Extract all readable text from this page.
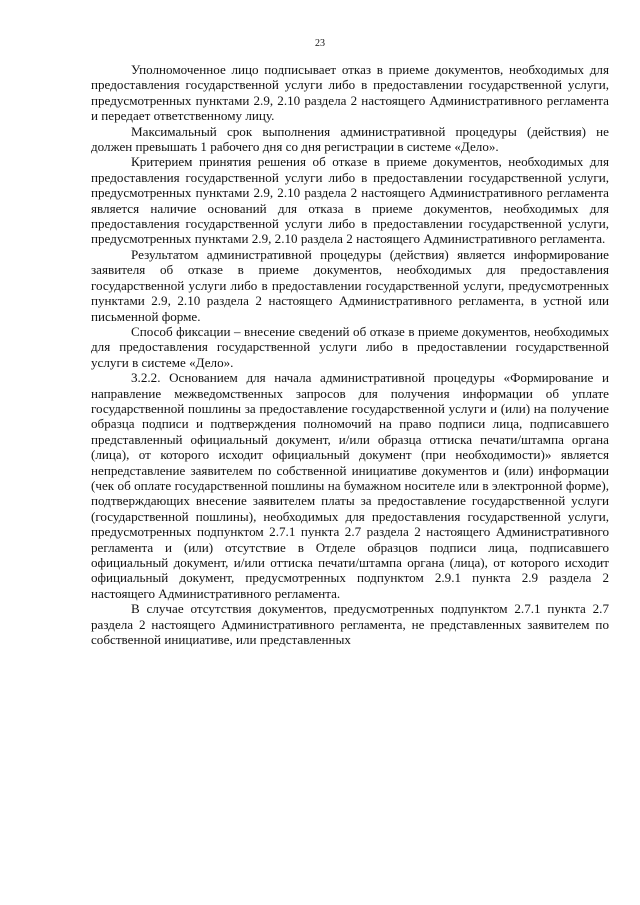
23

Уполномоченное лицо подписывает отказ в приеме документов, необходимых для предоставления государственной услуги либо в предоставлении государственной услуги, предусмотренных пунктами 2.9, 2.10 раздела 2 настоящего Административного регламента и передает ответственному лицу.

Максимальный срок выполнения административной процедуры (действия) не должен превышать 1 рабочего дня со дня регистрации в системе «Дело».

Критерием принятия решения об отказе в приеме документов, необходимых для предоставления государственной услуги либо в предоставлении государственной услуги, предусмотренных пунктами 2.9, 2.10 раздела 2 настоящего Административного регламента является наличие оснований для отказа в приеме документов, необходимых для предоставления государственной услуги либо в предоставлении государственной услуги, предусмотренных пунктами 2.9, 2.10 раздела 2 настоящего Административного регламента.

Результатом административной процедуры (действия) является информирование заявителя об отказе в приеме документов, необходимых для предоставления государственной услуги либо в предоставлении государственной услуги, предусмотренных пунктами 2.9, 2.10 раздела 2 настоящего Административного регламента, в устной или письменной форме.

Способ фиксации – внесение сведений об отказе в приеме документов, необходимых для предоставления государственной услуги либо в предоставлении государственной услуги в системе «Дело».

3.2.2. Основанием для начала административной процедуры «Формирование и направление межведомственных запросов для получения информации об уплате государственной пошлины за предоставление государственной услуги и (или) на получение образца подписи и подтверждения полномочий на право подписи лица, подписавшего представленный официальный документ, и/или образца оттиска печати/штампа органа (лица), от которого исходит официальный документ (при необходимости)» является непредставление заявителем по собственной инициативе документов и (или) информации (чек об оплате государственной пошлины на бумажном носителе или в электронной форме), подтверждающих внесение заявителем платы за предоставление государственной услуги (государственной пошлины), необходимых для предоставления государственной услуги, предусмотренных подпунктом 2.7.1 пункта 2.7 раздела 2 настоящего Административного регламента и (или) отсутствие в Отделе образцов подписи лица, подписавшего официальный документ, и/или оттиска печати/штампа органа (лица), от которого исходит официальный документ, предусмотренных подпунктом 2.9.1 пункта 2.9 раздела 2 настоящего Административного регламента.

В случае отсутствия документов, предусмотренных подпунктом 2.7.1 пункта 2.7 раздела 2 настоящего Административного регламента, не представленных заявителем по собственной инициативе, или представленных
